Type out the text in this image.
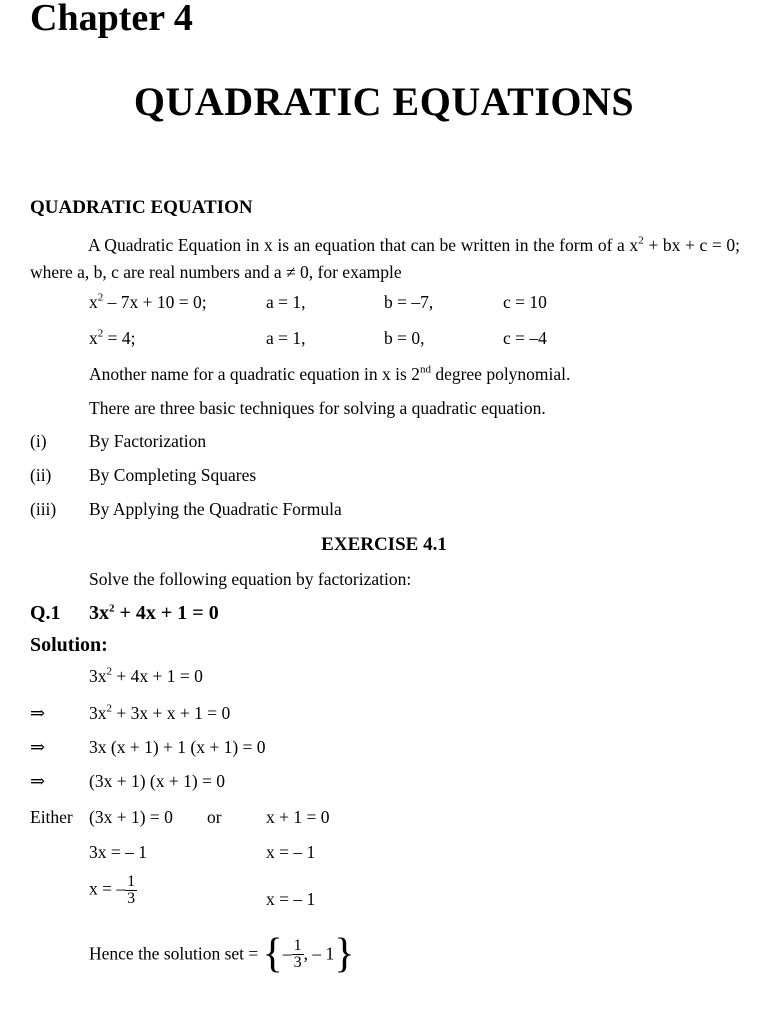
Chapter 4
QUADRATIC EQUATIONS
QUADRATIC EQUATION
A Quadratic Equation in x is an equation that can be written in the form of a $x^2$ + bx + c = 0; where a, b, c are real numbers and a ≠ 0, for example
$x^2 - 7x + 10 = 0$;	a = 1,	b = –7,	c = 10
$x^2 = 4$;	a = 1,	b = 0,	c = –4
Another name for a quadratic equation in x is 2nd degree polynomial.
There are three basic techniques for solving a quadratic equation.
(i) By Factorization
(ii) By Completing Squares
(iii) By Applying the Quadratic Formula
EXERCISE 4.1
Solve the following equation by factorization:
Q.1 $3x^2 + 4x + 1 = 0$
Solution:
$3x^2 + 4x + 1 = 0$
⇒	$3x^2 + 3x + x + 1 = 0$
⇒	3x (x + 1) + 1 (x + 1) = 0
⇒	(3x + 1) (x + 1) = 0
Either (3x + 1) = 0 or	x + 1 = 0
3x = – 1	x = – 1
x = – $\frac{1}{3}$	x = – 1
Hence the solution set = {– $\frac{1}{3}$ , – 1}
